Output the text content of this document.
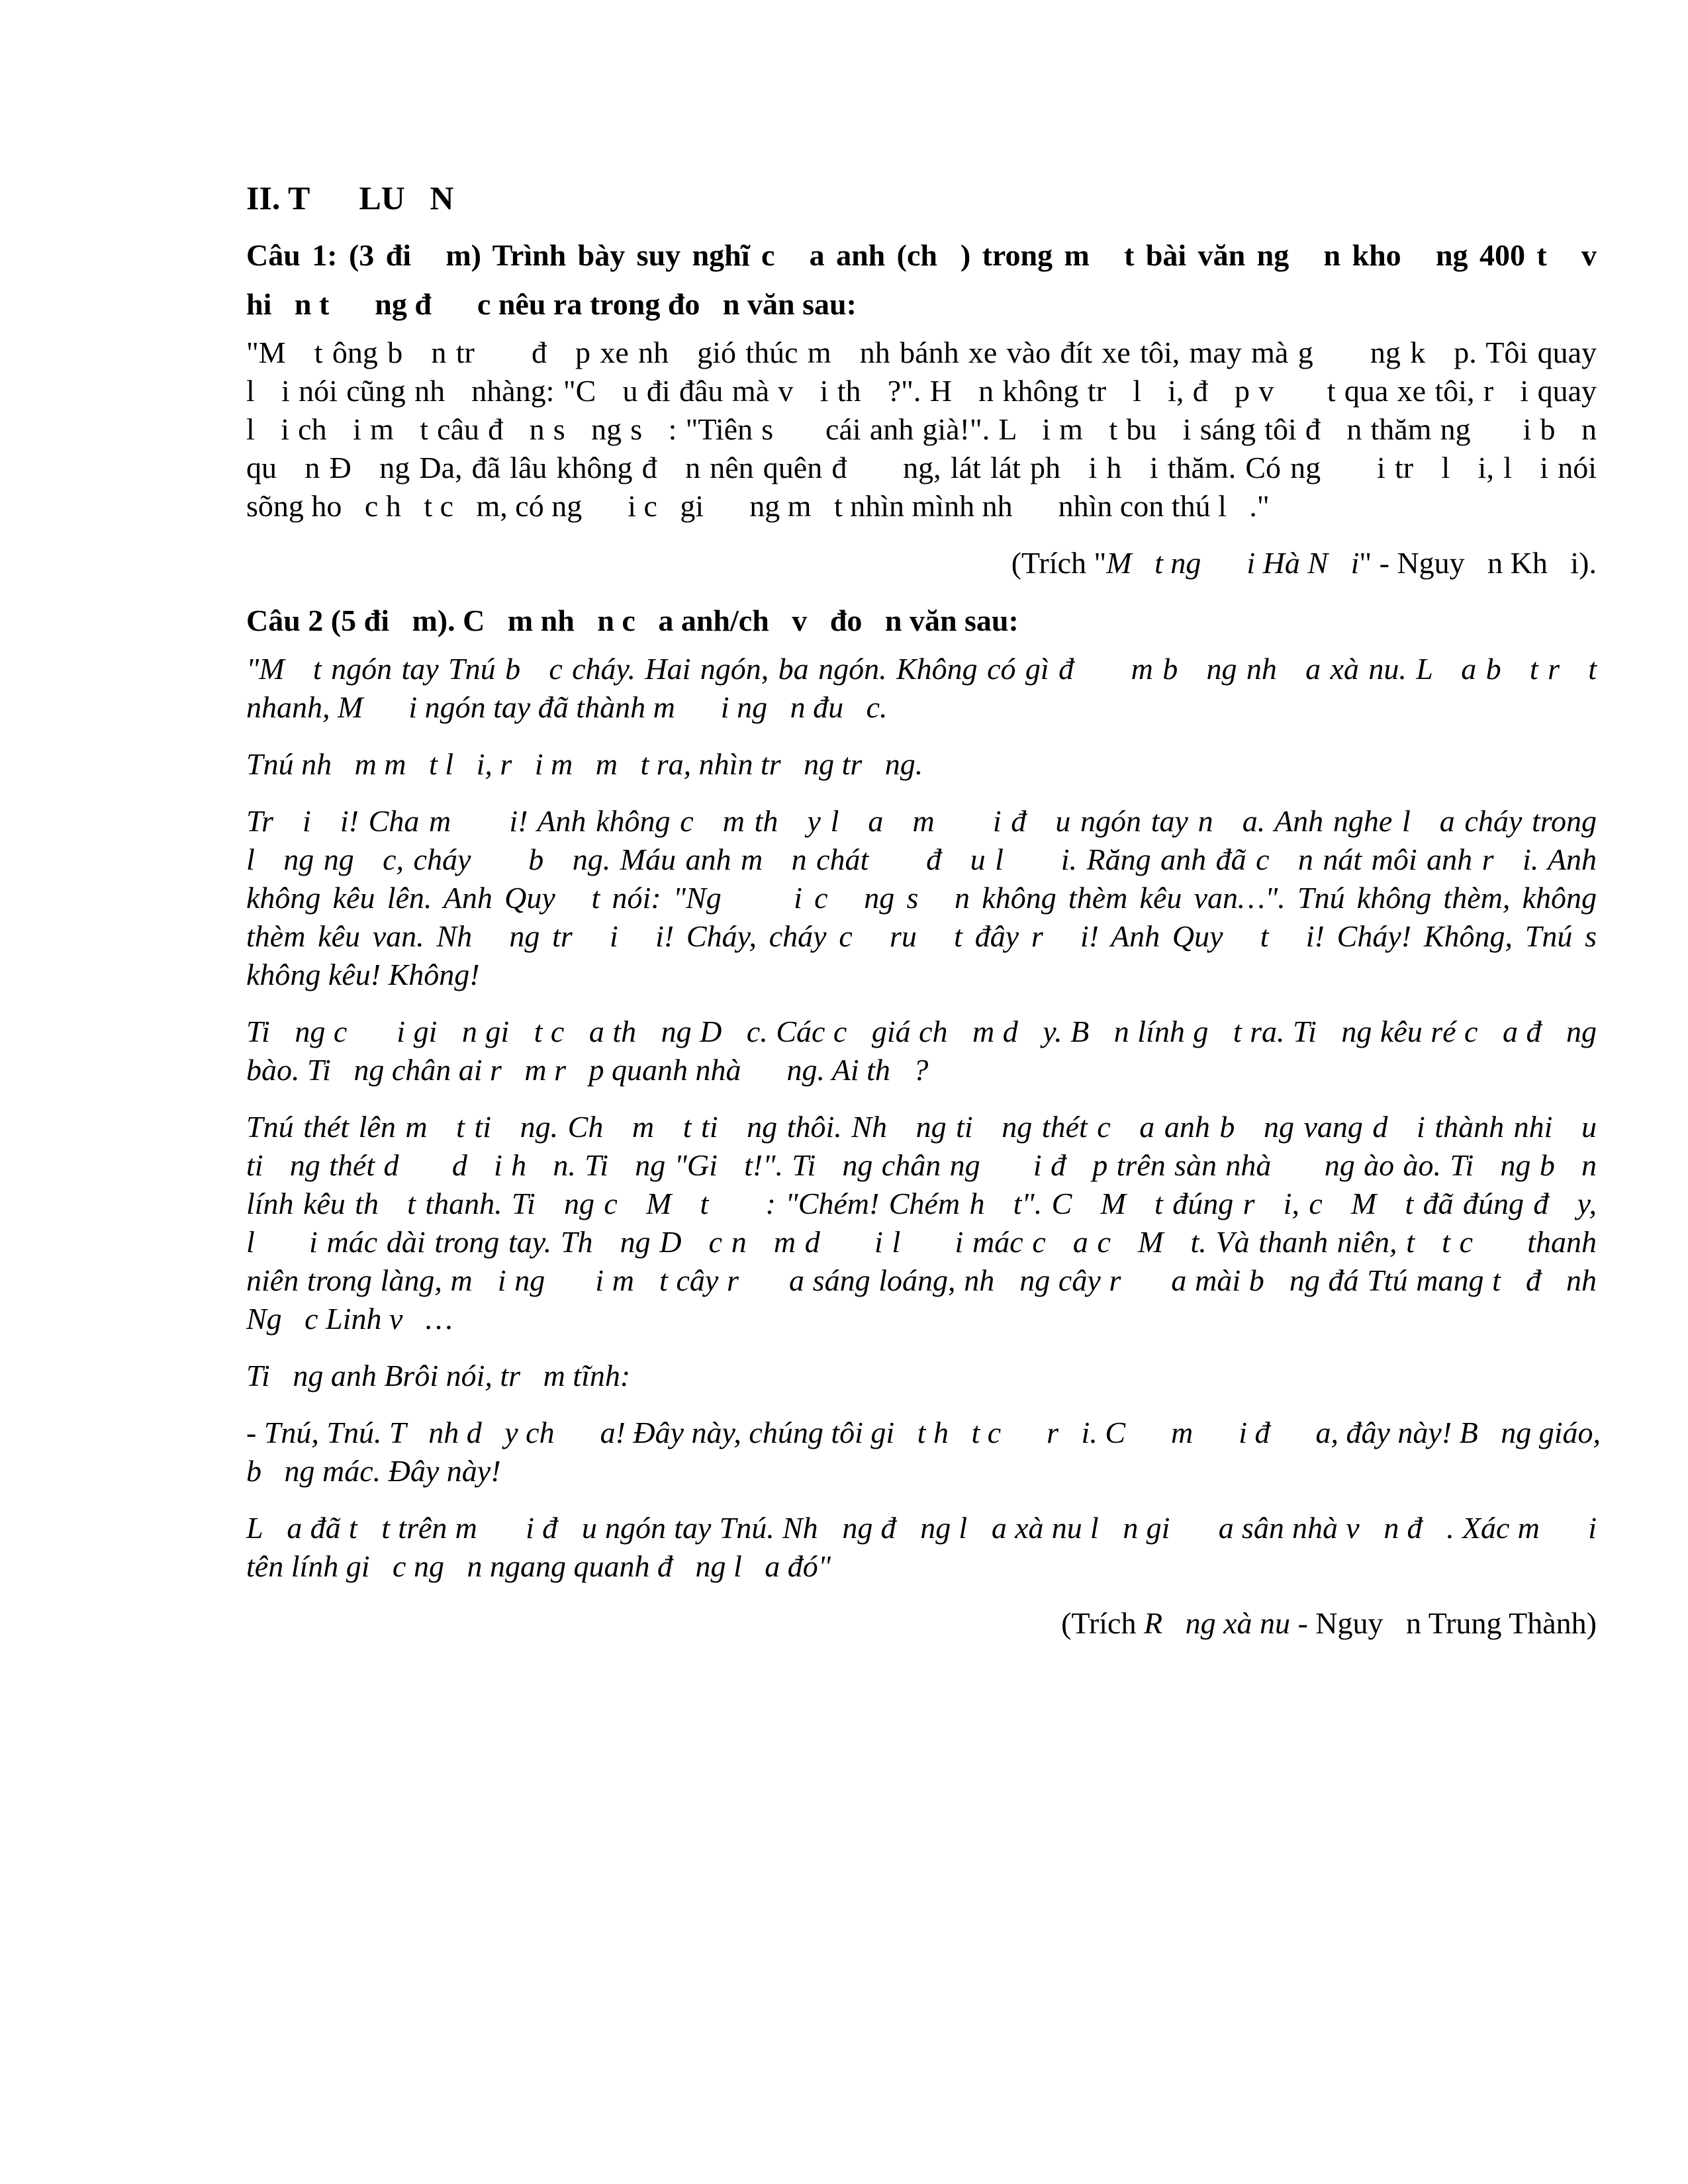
II. T      LU   N
Câu 1: (3 đi   m) Trình bày suy nghĩ c   a anh (ch  ) trong m   t bài văn ng   n kho   ng 400 t   v
hi   n t      ng đ      c nêu ra trong đo   n văn sau:
"M   t ông b   n tr      đ   p xe nh   gió thúc m   nh bánh xe vào đít xe tôi, may mà g      ng k   p. Tôi quay
l   i nói cũng nh   nhàng: "C   u đi đâu mà v   i th   ?". H   n không tr   l   i, đ   p v      t qua xe tôi, r   i quay
l   i ch   i m   t câu đ   n s   ng s   : "Tiên s      cái anh già!". L   i m   t bu   i sáng tôi đ   n thăm ng      i b   n
qu   n Đ   ng Da, đã lâu không đ   n nên quên đ      ng, lát lát ph   i h   i thăm. Có ng      i tr   l   i, l   i nói
sõng ho   c h   t c   m, có ng      i c   gi      ng m   t nhìn mình nh      nhìn con thú l   ."
(Trích "M   t ng      i Hà N   i" - Nguy   n Kh   i).
Câu 2 (5 đi   m). C   m nh   n c   a anh/ch   v   đo   n văn sau:
"M   t ngón tay Tnú b   c cháy. Hai ngón, ba ngón. Không có gì đ      m b   ng nh   a xà nu. L   a b   t r   t
nhanh, M      i ngón tay đã thành m      i ng   n đu   c.
Tnú nh   m m   t l   i, r   i m   m   t ra, nhìn tr   ng tr   ng.
Tr   i   i! Cha m      i! Anh không c   m th   y l   a   m      i đ   u ngón tay n   a. Anh nghe l   a cháy trong
l   ng ng   c, cháy      b   ng. Máu anh m   n chát      đ   u l      i. Răng anh đã c   n nát môi anh r   i. Anh
không kêu lên. Anh Quy   t nói: "Ng      i c   ng s   n không thèm kêu van…". Tnú không thèm, không
thèm kêu van. Nh   ng tr   i   i! Cháy, cháy c   ru   t đây r   i! Anh Quy   t   i! Cháy! Không, Tnú s
không kêu! Không!
Ti   ng c      i gi   n gi   t c   a th   ng D   c. Các c   giá ch   m d   y. B   n lính g   t ra. Ti   ng kêu ré c   a đ   ng
bào. Ti   ng chân ai r   m r   p quanh nhà      ng. Ai th   ?
Tnú thét lên m   t ti   ng. Ch   m   t ti   ng thôi. Nh   ng ti   ng thét c   a anh b   ng vang d   i thành nhi   u
ti   ng thét d      d   i h   n. Ti   ng "Gi   t!". Ti   ng chân ng      i đ   p trên sàn nhà      ng ào ào. Ti   ng b   n
lính kêu th   t thanh. Ti   ng c   M   t      : "Chém! Chém h   t". C   M   t đúng r   i, c   M   t đã đúng đ   y,
l      i mác dài trong tay. Th   ng D   c n   m d      i l      i mác c   a c   M   t. Và thanh niên, t   t c      thanh
niên trong làng, m   i ng      i m   t cây r      a sáng loáng, nh   ng cây r      a mài b   ng đá Ttú mang t   đ   nh
Ng   c Linh v   …
Ti   ng anh Brôi nói, tr   m tĩnh:
- Tnú, Tnú. T   nh d   y ch      a! Đây này, chúng tôi gi   t h   t c      r   i. C      m      i đ      a, đây này! B   ng giáo,
b   ng mác. Đây này!
L   a đã t   t trên m      i đ   u ngón tay Tnú. Nh   ng đ   ng l   a xà nu l   n gi      a sân nhà v   n đ   . Xác m      i
tên lính gi   c ng   n ngang quanh đ   ng l   a đó"
(Trích R   ng xà nu - Nguy   n Trung Thành)
